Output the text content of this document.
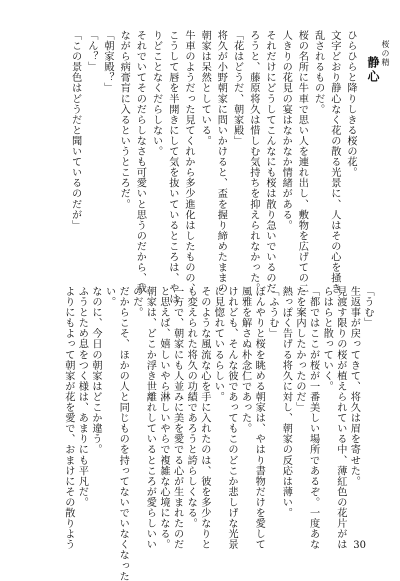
静心
桜の精
ひらひらと降りしきる桜の花。
文字どおり静心なく花の散る光景に、人はその心を掻き
乱されるものだ。
桜の名所に牛車で思い人を連れ出し、敷物を広げての二
人きりの花見の宴はなかなか情緒がある。
それだけにどうしてこんなにも桜は散り急いでいるのだ
ろうと、藤原将久は惜しむ気持ちを抑えられなかった。
「花はどうだ、朝家殿」
将久が小野朝家に問いかけると、盃を握り締めたままの
朝家は呆然としている。
牛車のようだった見てくれから多少進化はしたものの、
こうして唇を半開きにして気を抜いているところは、やは
りどことなくだらしない。
それでいてそのだらしなさも可愛いと思うのだから、我
ながら病膏肓に入るというところだ。
「朝家殿？」
「ん？」
「この景色はどうだと聞いているのだが」
「うむ」
生返事が戻ってきて、将久は眉を寄せた。
見渡す限りの桜が植えられている中、薄紅色の花片がは
らはらと散っていく。
「都ではここが桜が一番美しい場所であるぞ。一度あな
たを案内したかったのだ」
熱っぽく告げる将久に対し、朝家の反応は薄い。
「ふうむ」
ぼんやりと桜を眺める朝家は、やはり書物だけを愛して
風雅を解さぬ朴念仁であった。
けれども、そんな彼であってもこのどこか悲しげな光景
に見惚れているらしい。
そのような風流な心を手に入れたのは、彼を多少なりと
も変えられた将久の功績であろうと誇らしくなる。
一方で、朝家にも人並みに美を愛でる心が生まれたのだ
と思えば、嬉しいやら淋しいやらで複雑な心境になる。
朝家は、どこか浮き世離れしているところが愛らしいい
のだ。
だからこそ、ほかの人と同じものを持ってないでいなくなった
い。
なのに、今日の朝家はどこか違う。
ふうとため息をつく様は、あまりにも平凡だ。
よりにもよって朝家が花を愛で、おまけにその散りよう	30
